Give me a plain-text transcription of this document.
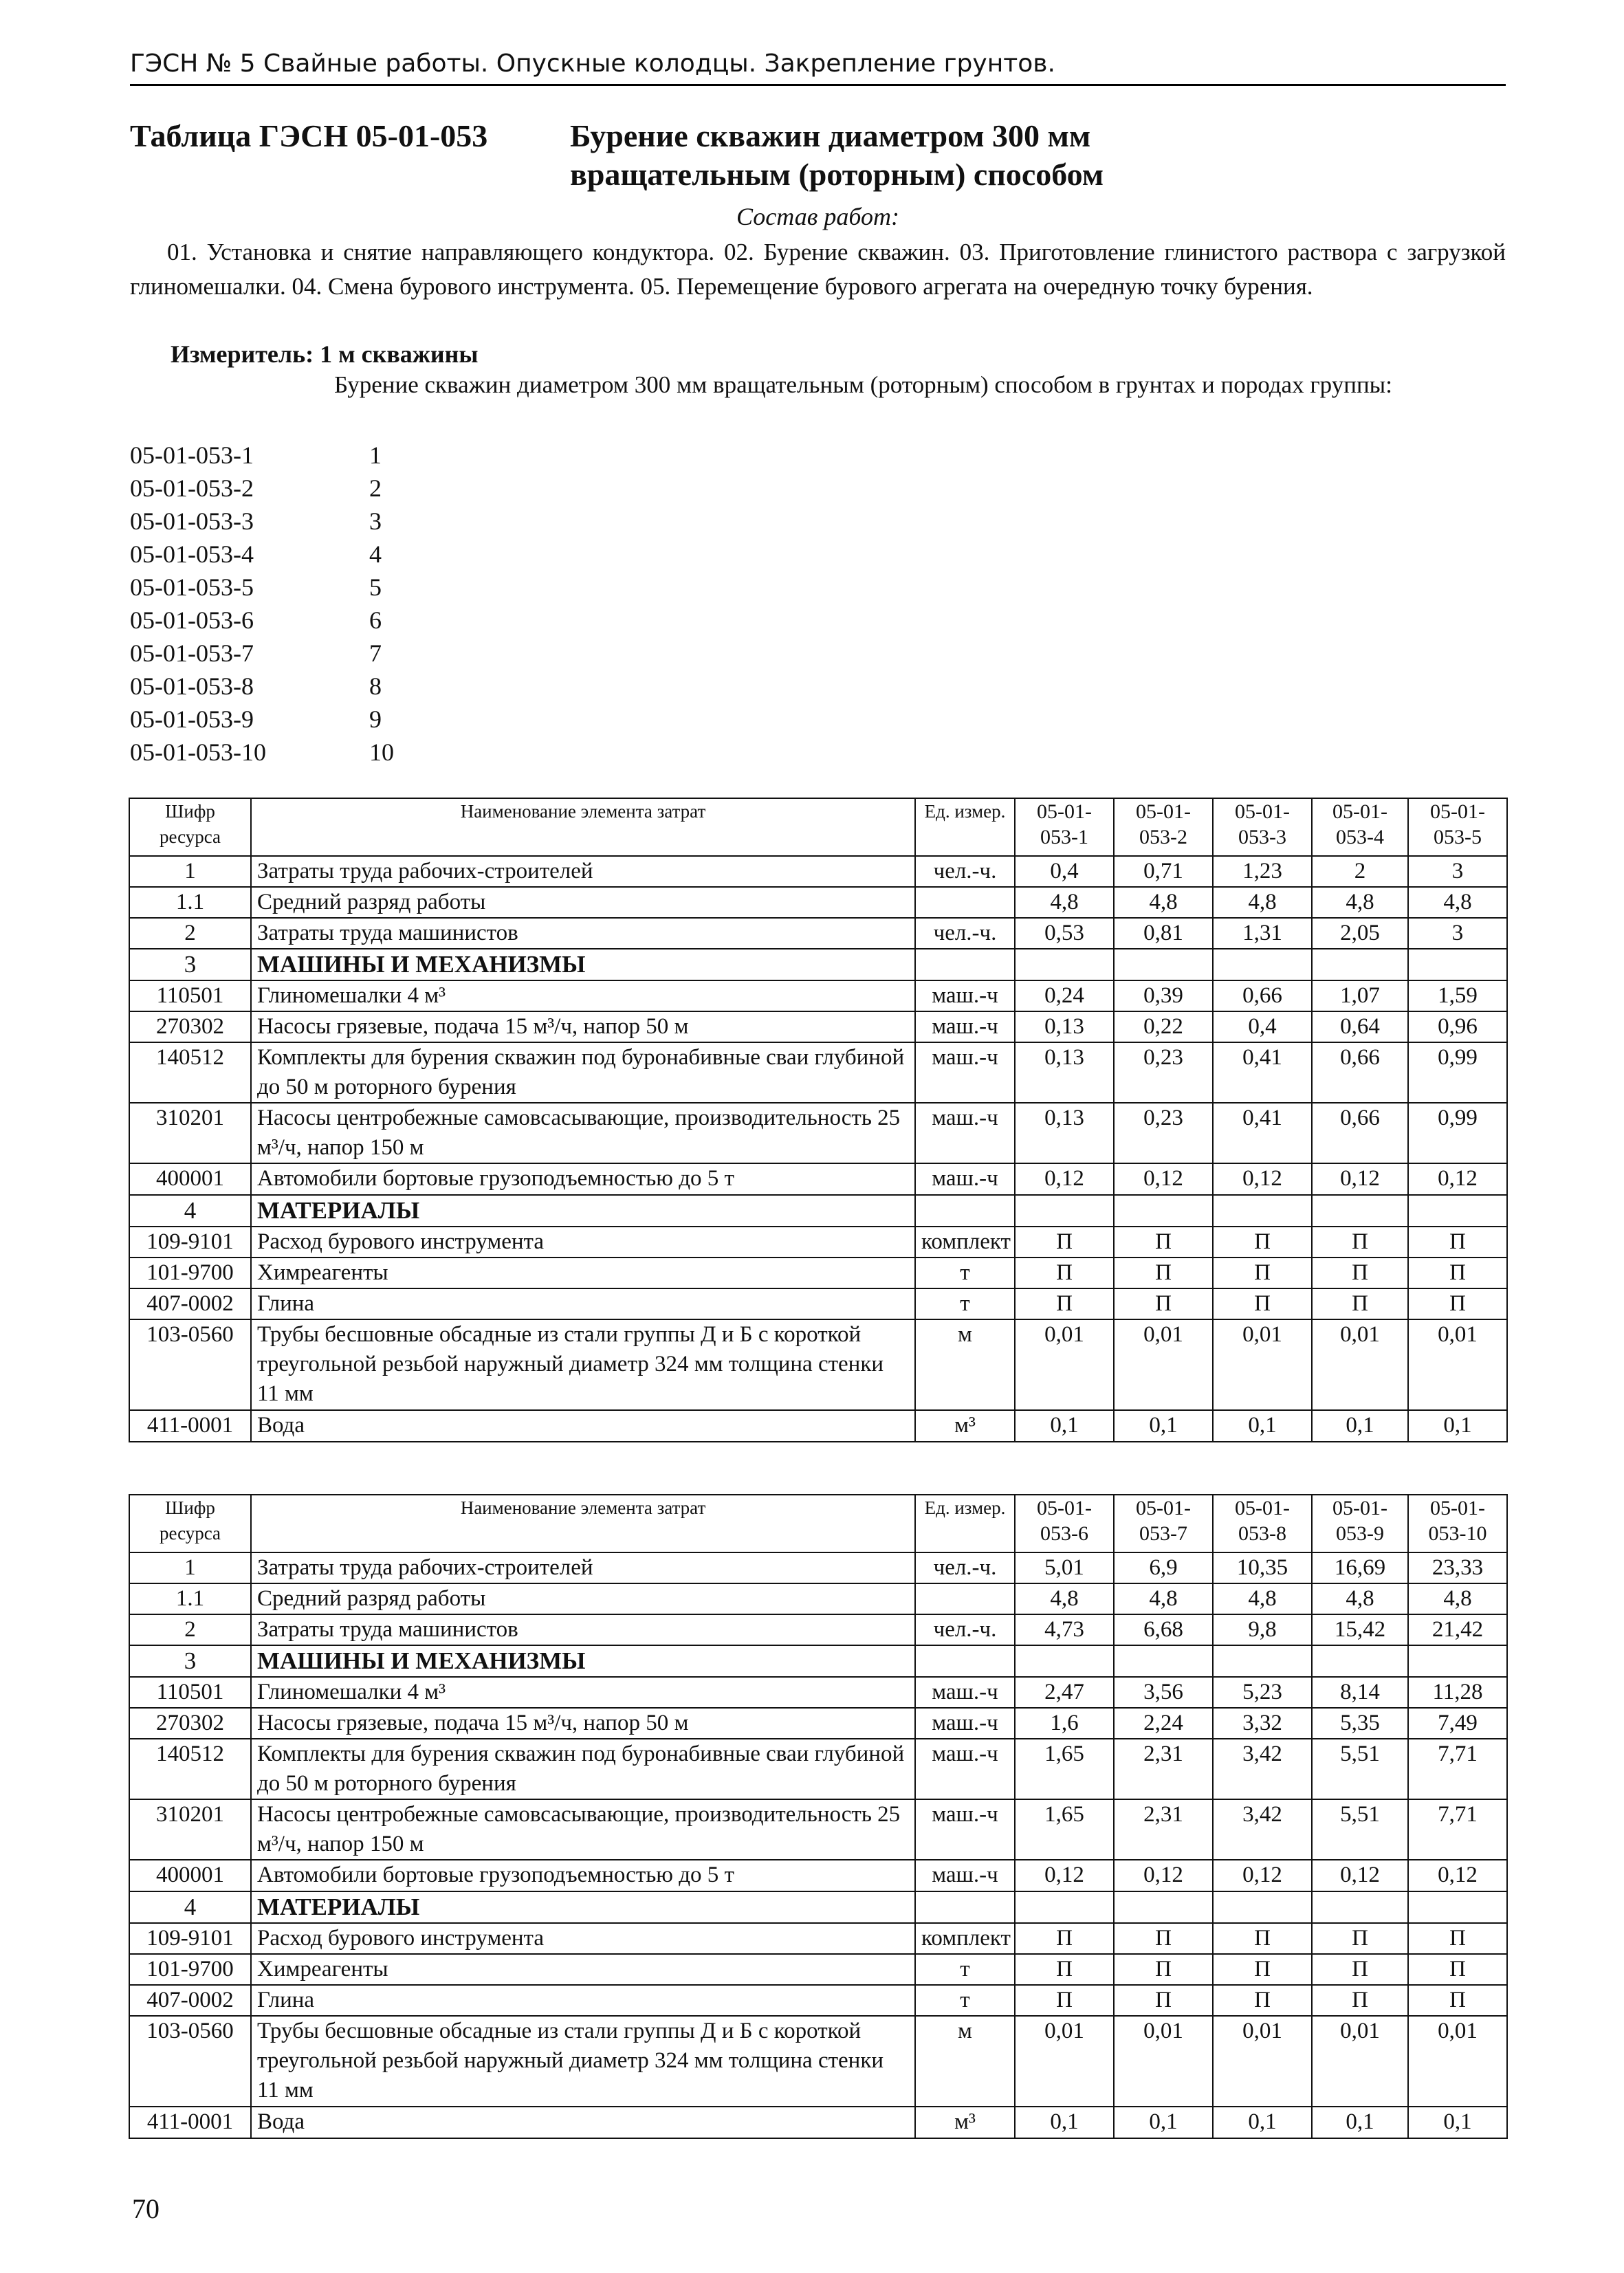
ГЭСН № 5 Свайные работы. Опускные колодцы. Закрепление грунтов.
Таблица ГЭСН 05-01-053	Бурение скважин диаметром 300 мм
вращательным (роторным) способом
Состав работ:
01. Установка и снятие направляющего кондуктора. 02. Бурение скважин. 03. Приготовление глинистого раствора с загрузкой глиномешалки. 04. Смена бурового инструмента. 05. Перемещение бурового агрегата на очередную точку бурения.
Измеритель: 1 м скважины
Бурение скважин диаметром 300 мм вращательным (роторным) способом в грунтах и породах группы:
05-01-053-1	1
05-01-053-2	2
05-01-053-3	3
05-01-053-4	4
05-01-053-5	5
05-01-053-6	6
05-01-053-7	7
05-01-053-8	8
05-01-053-9	9
05-01-053-10	10
Шифр ресурса	Наименование элемента затрат	Ед. измер.	05-01-053-1	05-01-053-2	05-01-053-3	05-01-053-4	05-01-053-5
1	Затраты труда рабочих-строителей	чел.-ч.	0,4	0,71	1,23	2	3
1.1	Средний разряд работы		4,8	4,8	4,8	4,8	4,8
2	Затраты труда машинистов	чел.-ч.	0,53	0,81	1,31	2,05	3
3	МАШИНЫ И МЕХАНИЗМЫ						
110501	Глиномешалки 4 м³	маш.-ч	0,24	0,39	0,66	1,07	1,59
270302	Насосы грязевые, подача 15 м³/ч, напор 50 м	маш.-ч	0,13	0,22	0,4	0,64	0,96
140512	Комплекты для бурения скважин под буронабивные сваи глубиной до 50 м роторного бурения	маш.-ч	0,13	0,23	0,41	0,66	0,99
310201	Насосы центробежные самовсасывающие, производительность 25 м³/ч, напор 150 м	маш.-ч	0,13	0,23	0,41	0,66	0,99
400001	Автомобили бортовые грузоподъемностью до 5 т	маш.-ч	0,12	0,12	0,12	0,12	0,12
4	МАТЕРИАЛЫ						
109-9101	Расход бурового инструмента	комплект	П	П	П	П	П
101-9700	Химреагенты	т	П	П	П	П	П
407-0002	Глина	т	П	П	П	П	П
103-0560	Трубы бесшовные обсадные из стали группы Д и Б с короткой треугольной резьбой наружный диаметр 324 мм толщина стенки 11 мм	м	0,01	0,01	0,01	0,01	0,01
411-0001	Вода	м³	0,1	0,1	0,1	0,1	0,1
Шифр ресурса	Наименование элемента затрат	Ед. измер.	05-01-053-6	05-01-053-7	05-01-053-8	05-01-053-9	05-01-053-10
1	Затраты труда рабочих-строителей	чел.-ч.	5,01	6,9	10,35	16,69	23,33
1.1	Средний разряд работы		4,8	4,8	4,8	4,8	4,8
2	Затраты труда машинистов	чел.-ч.	4,73	6,68	9,8	15,42	21,42
3	МАШИНЫ И МЕХАНИЗМЫ						
110501	Глиномешалки 4 м³	маш.-ч	2,47	3,56	5,23	8,14	11,28
270302	Насосы грязевые, подача 15 м³/ч, напор 50 м	маш.-ч	1,6	2,24	3,32	5,35	7,49
140512	Комплекты для бурения скважин под буронабивные сваи глубиной до 50 м роторного бурения	маш.-ч	1,65	2,31	3,42	5,51	7,71
310201	Насосы центробежные самовсасывающие, производительность 25 м³/ч, напор 150 м	маш.-ч	1,65	2,31	3,42	5,51	7,71
400001	Автомобили бортовые грузоподъемностью до 5 т	маш.-ч	0,12	0,12	0,12	0,12	0,12
4	МАТЕРИАЛЫ						
109-9101	Расход бурового инструмента	комплект	П	П	П	П	П
101-9700	Химреагенты	т	П	П	П	П	П
407-0002	Глина	т	П	П	П	П	П
103-0560	Трубы бесшовные обсадные из стали группы Д и Б с короткой треугольной резьбой наружный диаметр 324 мм толщина стенки 11 мм	м	0,01	0,01	0,01	0,01	0,01
411-0001	Вода	м³	0,1	0,1	0,1	0,1	0,1
70
